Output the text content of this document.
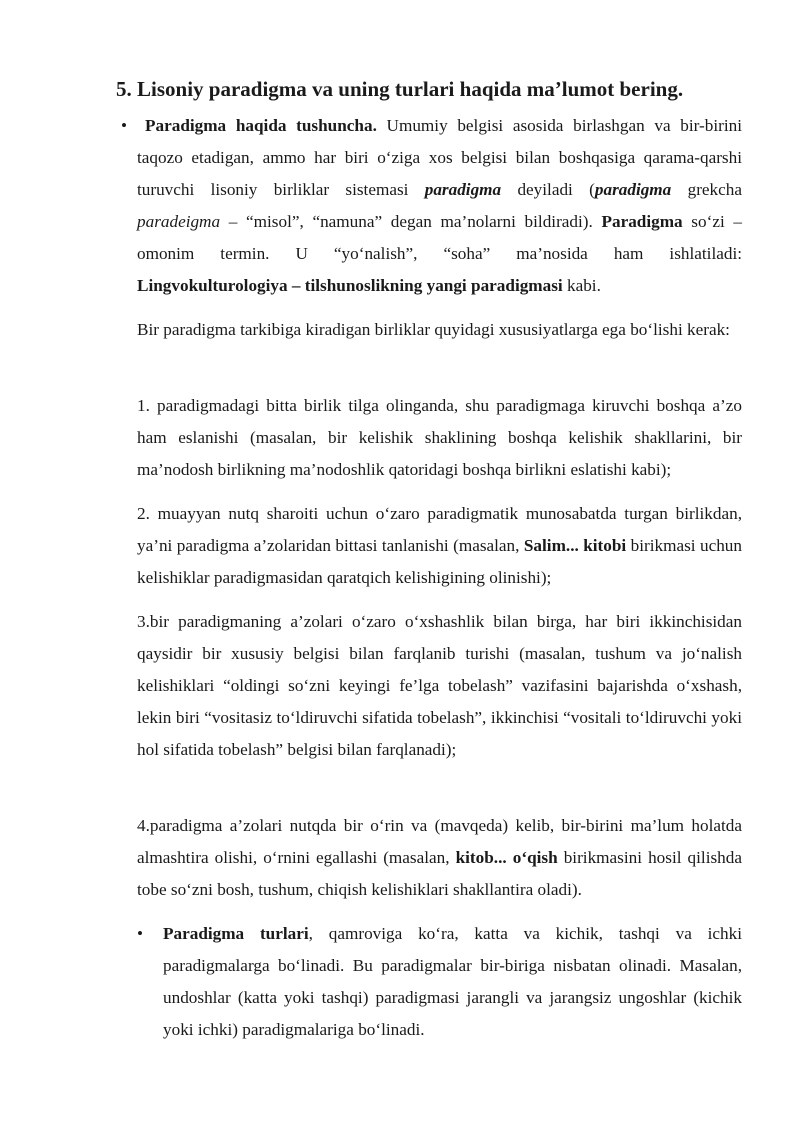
5. Lisoniy paradigma va uning turlari haqida ma’lumot bering.

• Paradigma haqida tushuncha. Umumiy belgisi asosida birlashgan va bir-birini taqozo etadigan, ammo har biri o‘ziga xos belgisi bilan boshqasiga qarama-qarshi turuvchi lisoniy birliklar sistemasi paradigma deyiladi (paradigma grekcha paradeigma – “misol”, “namuna” degan ma’nolarni bildiradi). Paradigma so‘zi – omonim termin. U “yo‘nalish”, “soha” ma’nosida ham ishlatiladi: Lingvokulturologiya – tilshunoslikning yangi paradigmasi kabi.

Bir paradigma tarkibiga kiradigan birliklar quyidagi xususiyatlarga ega bo‘lishi kerak:

1. paradigmadagi bitta birlik tilga olinganda, shu paradigmaga kiruvchi boshqa a’zo ham eslanishi (masalan, bir kelishik shaklining boshqa kelishik shakllarini, bir ma’nodosh birlikning ma’nodoshlik qatoridagi boshqa birlikni eslatishi kabi);

2. muayyan nutq sharoiti uchun o‘zaro paradigmatik munosabatda turgan birlikdan, ya’ni paradigma a’zolaridan bittasi tanlanishi (masalan, Salim... kitobi birikmasi uchun kelishiklar paradigmasidan qaratqich kelishigining olinishi);

3.bir paradigmaning a’zolari o‘zaro o‘xshashlik bilan birga, har biri ikkinchisidan qaysidir bir xususiy belgisi bilan farqlanib turishi (masalan, tushum va jo‘nalish kelishiklari “oldingi so‘zni keyingi fe’lga tobelash” vazifasini bajarishda o‘xshash, lekin biri “vositasiz to‘ldiruvchi sifatida tobelash”, ikkinchisi “vositali to‘ldiruvchi yoki hol sifatida tobelash” belgisi bilan farqlanadi);

4.paradigma a’zolari nutqda bir o‘rin va (mavqeda) kelib, bir-birini ma’lum holatda almashtira olishi, o‘rnini egallashi (masalan, kitob... o‘qish birikmasini hosil qilishda tobe so‘zni bosh, tushum, chiqish kelishiklari shakllantira oladi).

•	Paradigma turlari, qamroviga ko‘ra, katta va kichik, tashqi va ichki paradigmalarga bo‘linadi. Bu paradigmalar bir-biriga nisbatan olinadi. Masalan, undoshlar (katta yoki tashqi) paradigmasi jarangli va jarangsiz ungoshlar (kichik yoki ichki) paradigmalariga bo‘linadi.
